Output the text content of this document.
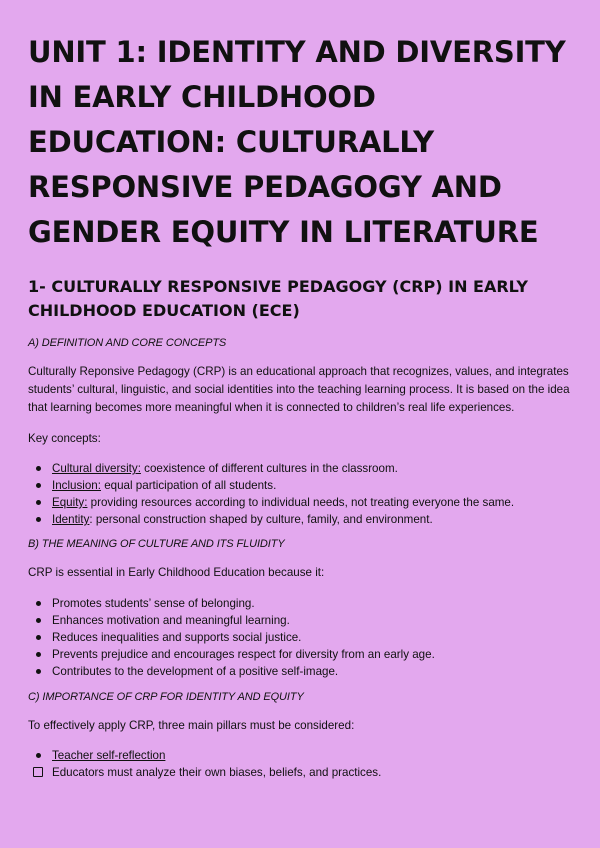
UNIT 1: IDENTITY AND DIVERSITY IN EARLY CHILDHOOD EDUCATION: CULTURALLY RESPONSIVE PEDAGOGY AND GENDER EQUITY IN LITERATURE
1- CULTURALLY RESPONSIVE PEDAGOGY (CRP) IN EARLY CHILDHOOD EDUCATION (ECE)

A) DEFINITION AND CORE CONCEPTS

Culturally Reponsive Pedagogy (CRP) is an educational approach that recognizes, values, and integrates students’ cultural, linguistic, and social identities into the teaching learning process. It is based on the idea that learning becomes more meaningful when it is connected to children’s real life experiences.

Key concepts:

Cultural diversity: coexistence of different cultures in the classroom.
Inclusion: equal participation of all students.
Equity: providing resources according to individual needs, not treating everyone the same.
Identity: personal construction shaped by culture, family, and environment.

B) THE MEANING OF CULTURE AND ITS FLUIDITY

CRP is essential in Early Childhood Education because it:

Promotes students’ sense of belonging.
Enhances motivation and meaningful learning.
Reduces inequalities and supports social justice.
Prevents prejudice and encourages respect for diversity from an early age.
Contributes to the development of a positive self-image.

C) IMPORTANCE OF CRP FOR IDENTITY AND EQUITY

To effectively apply CRP, three main pillars must be considered:

Teacher self-reflection
Educators must analyze their own biases, beliefs, and practices.
